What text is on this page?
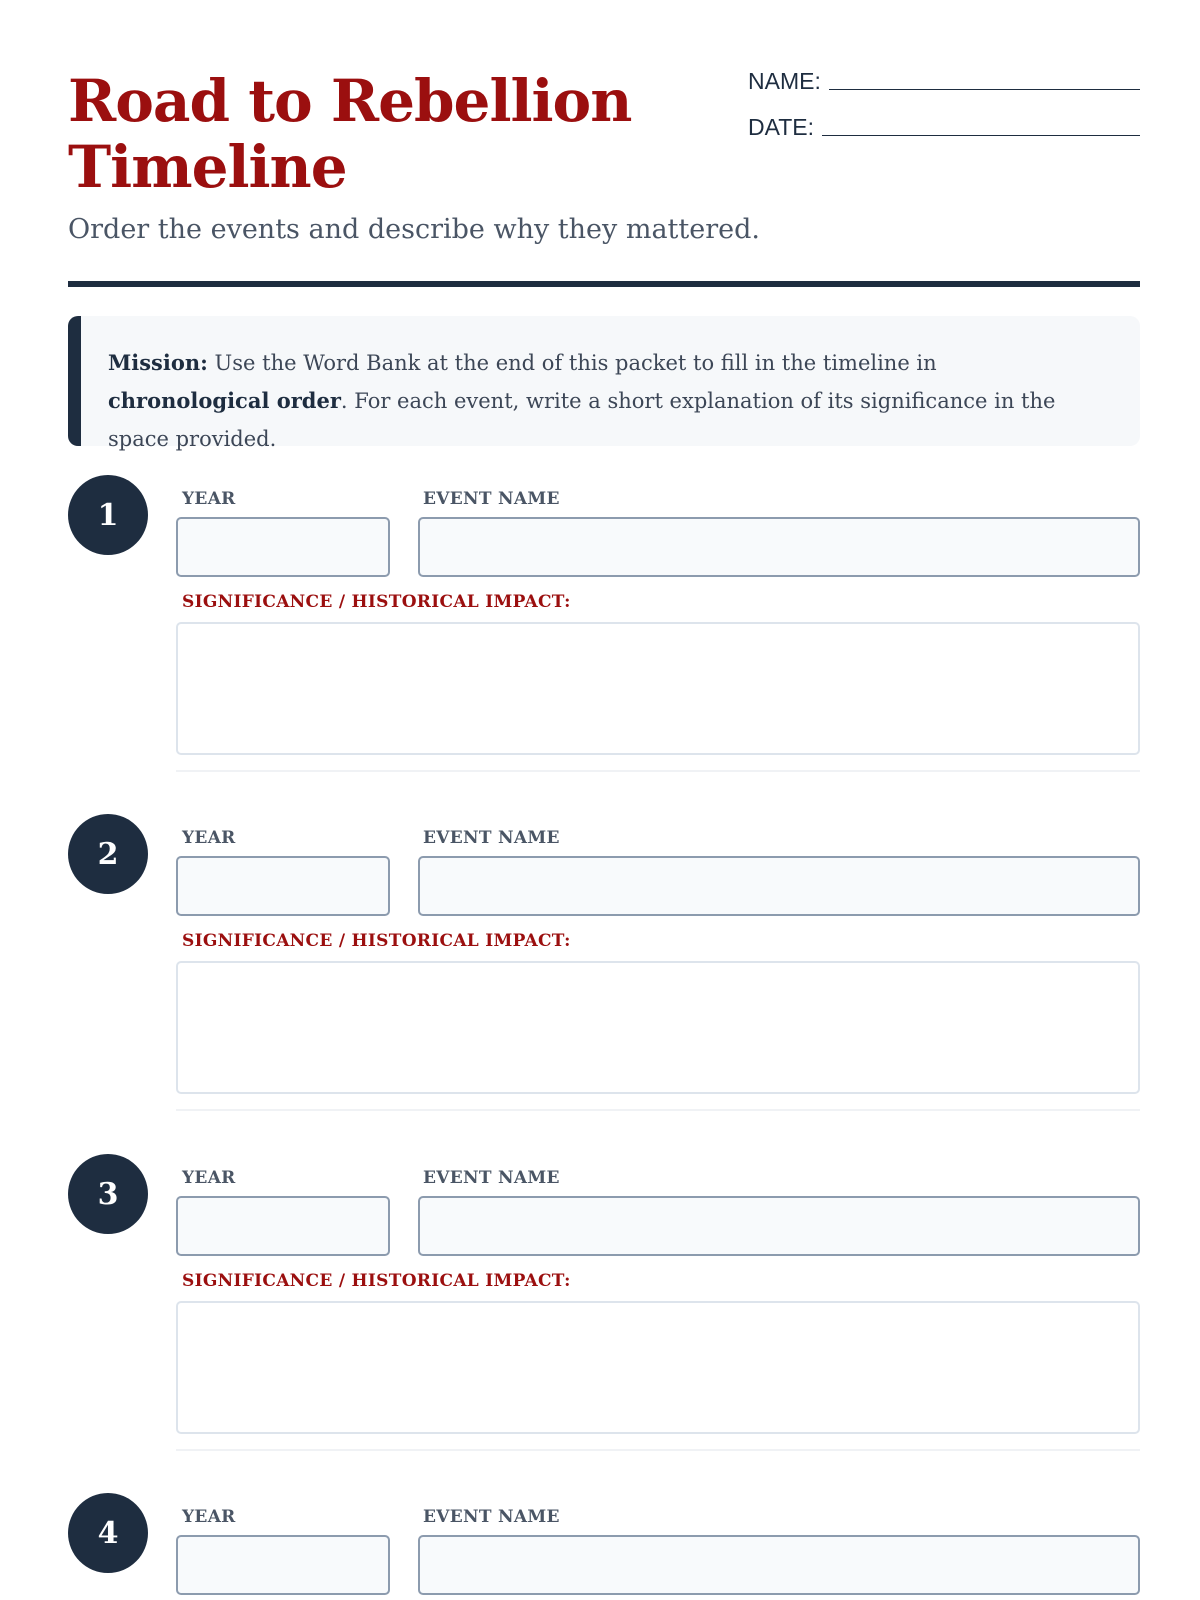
Road to Rebellion
Timeline
Order the events and describe why they mattered.
NAME:
DATE:
Mission: Use the Word Bank at the end of this packet to fill in the timeline in chronological order. For each event, write a short explanation of its significance in the space provided.
1	YEAR	EVENT NAME
SIGNIFICANCE / HISTORICAL IMPACT:
2	YEAR	EVENT NAME
SIGNIFICANCE / HISTORICAL IMPACT:
3	YEAR	EVENT NAME
SIGNIFICANCE / HISTORICAL IMPACT:
4	YEAR	EVENT NAME
